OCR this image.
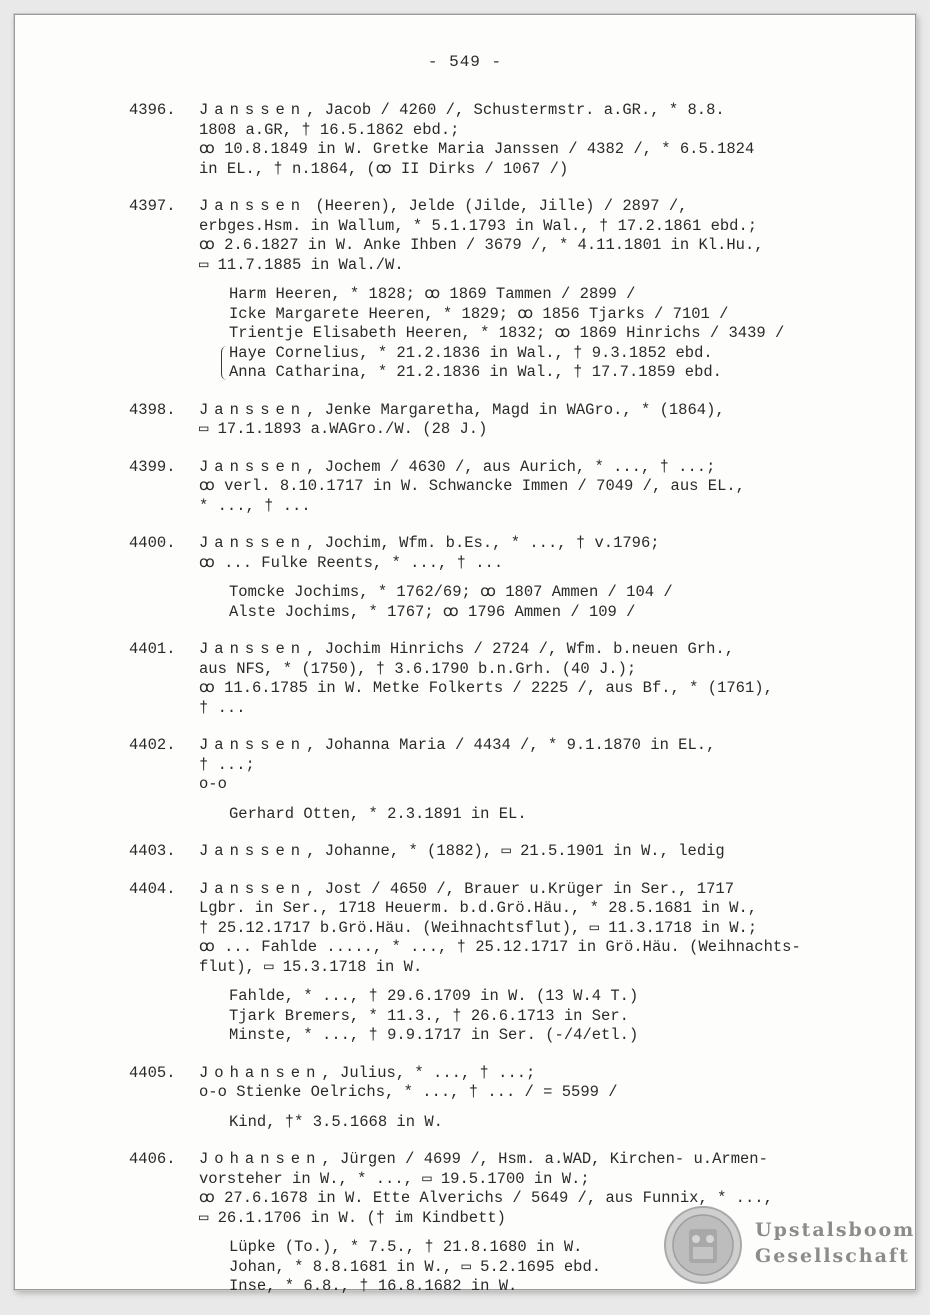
- 549 -
4396.	Janssen, Jacob / 4260 /, Schustermstr. a.GR., * 8.8.
1808 a.GR, † 16.5.1862 ebd.;
ꝏ 10.8.1849 in W. Gretke Maria Janssen / 4382 /, * 6.5.1824
in EL., † n.1864, (ꝏ II Dirks / 1067 /)
4397.	Janssen (Heeren), Jelde (Jilde, Jille) / 2897 /,
erbges.Hsm. in Wallum, * 5.1.1793 in Wal., † 17.2.1861 ebd.;
ꝏ 2.6.1827 in W. Anke Ihben / 3679 /, * 4.11.1801 in Kl.Hu.,
▭ 11.7.1885 in Wal./W.
Harm Heeren, * 1828; ꝏ 1869 Tammen / 2899 /
Icke Margarete Heeren, * 1829; ꝏ 1856 Tjarks / 7101 /
Trientje Elisabeth Heeren, * 1832; ꝏ 1869 Hinrichs / 3439 /
Haye Cornelius, * 21.2.1836 in Wal., † 9.3.1852 ebd.
Anna Catharina, * 21.2.1836 in Wal., † 17.7.1859 ebd.
4398.	Janssen, Jenke Margaretha, Magd in WAGro., * (1864),
▭ 17.1.1893 a.WAGro./W. (28 J.)
4399.	Janssen, Jochem / 4630 /, aus Aurich, * ..., † ...;
ꝏ verl. 8.10.1717 in W. Schwancke Immen / 7049 /, aus EL.,
* ..., † ...
4400.	Janssen, Jochim, Wfm. b.Es., * ..., † v.1796;
ꝏ ... Fulke Reents, * ..., † ...
Tomcke Jochims, * 1762/69; ꝏ 1807 Ammen / 104 /
Alste Jochims, * 1767; ꝏ 1796 Ammen / 109 /
4401.	Janssen, Jochim Hinrichs / 2724 /, Wfm. b.neuen Grh.,
aus NFS, * (1750), † 3.6.1790 b.n.Grh. (40 J.);
ꝏ 11.6.1785 in W. Metke Folkerts / 2225 /, aus Bf., * (1761),
† ...
4402.	Janssen, Johanna Maria / 4434 /, * 9.1.1870 in EL.,
† ...;
o-o
Gerhard Otten, * 2.3.1891 in EL.
4403.	Janssen, Johanne, * (1882), ▭ 21.5.1901 in W., ledig
4404.	Janssen, Jost / 4650 /, Brauer u.Krüger in Ser., 1717
Lgbr. in Ser., 1718 Heuerm. b.d.Grö.Häu., * 28.5.1681 in W.,
† 25.12.1717 b.Grö.Häu. (Weihnachtsflut), ▭ 11.3.1718 in W.;
ꝏ ... Fahlde ....., * ..., † 25.12.1717 in Grö.Häu. (Weihnachts-
flut), ▭ 15.3.1718 in W.
Fahlde, * ..., † 29.6.1709 in W. (13 W.4 T.)
Tjark Bremers, * 11.3., † 26.6.1713 in Ser.
Minste, * ..., † 9.9.1717 in Ser. (-/4/etl.)
4405.	Johansen, Julius, * ..., † ...;
o-o Stienke Oelrichs, * ..., † ... / = 5599 /
Kind, †* 3.5.1668 in W.
4406.	Johansen, Jürgen / 4699 /, Hsm. a.WAD, Kirchen- u.Armen-
vorsteher in W., * ..., ▭ 19.5.1700 in W.;
ꝏ 27.6.1678 in W. Ette Alverichs / 5649 /, aus Funnix, * ...,
▭ 26.1.1706 in W. († im Kindbett)
Lüpke (To.), * 7.5., † 21.8.1680 in W.
Johan, * 8.8.1681 in W., ▭ 5.2.1695 ebd.
Inse, * 6.8., † 16.8.1682 in W.
Upstalsboom
Gesellschaft
